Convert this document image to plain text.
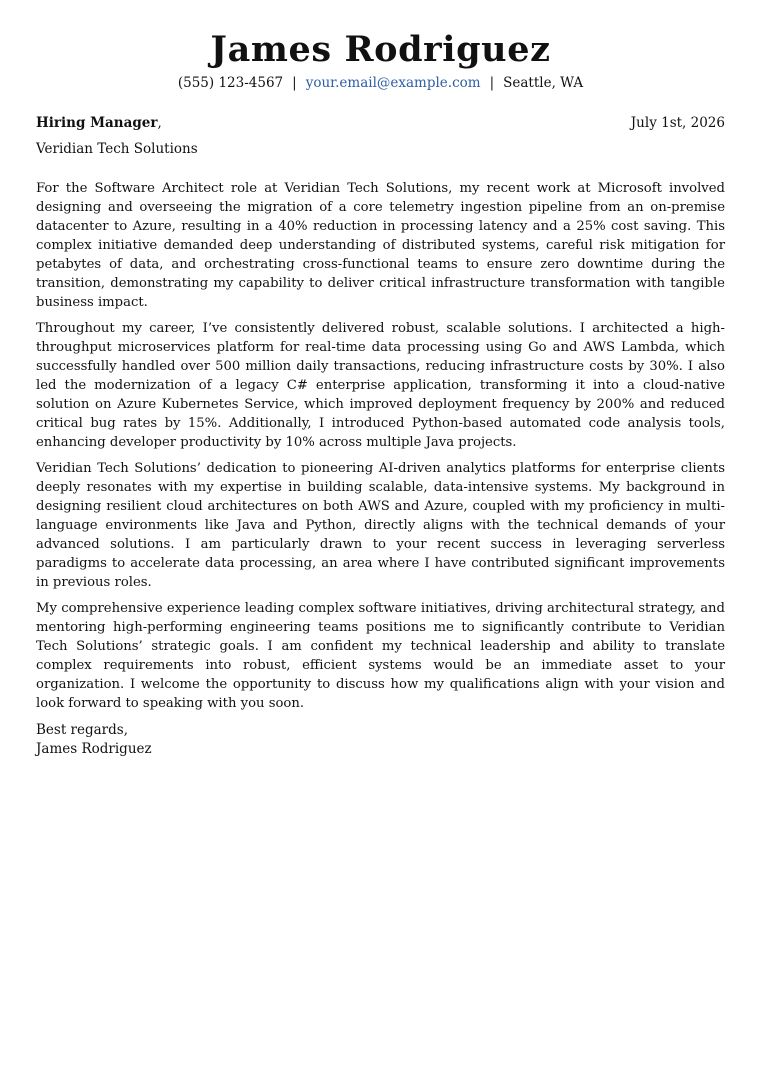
James Rodriguez
(555) 123-4567 | your.email@example.com | Seattle, WA
Hiring Manager,	July 1st, 2026
Veridian Tech Solutions

For the Software Architect role at Veridian Tech Solutions, my recent work at Microsoft involved designing and overseeing the migration of a core telemetry ingestion pipeline from an on-premise datacenter to Azure, resulting in a 40% reduction in processing latency and a 25% cost saving. This complex initiative demanded deep understanding of distributed systems, careful risk mitigation for petabytes of data, and orchestrating cross-functional teams to ensure zero downtime during the transition, demonstrating my capability to deliver critical infrastructure transformation with tangible business impact.

Throughout my career, I’ve consistently delivered robust, scalable solutions. I architected a high-throughput microservices platform for real-time data processing using Go and AWS Lambda, which successfully handled over 500 million daily transactions, reducing infrastructure costs by 30%. I also led the modernization of a legacy C# enterprise application, transforming it into a cloud-native solution on Azure Kubernetes Service, which improved deployment frequency by 200% and reduced critical bug rates by 15%. Additionally, I introduced Python-based automated code analysis tools, enhancing developer productivity by 10% across multiple Java projects.

Veridian Tech Solutions’ dedication to pioneering AI-driven analytics platforms for enterprise clients deeply resonates with my expertise in building scalable, data-intensive systems. My background in designing resilient cloud architectures on both AWS and Azure, coupled with my proficiency in multi-language environments like Java and Python, directly aligns with the technical demands of your advanced solutions. I am particularly drawn to your recent success in leveraging serverless paradigms to accelerate data processing, an area where I have contributed significant improvements in previous roles.

My comprehensive experience leading complex software initiatives, driving architectural strategy, and mentoring high-performing engineering teams positions me to significantly contribute to Veridian Tech Solutions’ strategic goals. I am confident my technical leadership and ability to translate complex requirements into robust, efficient systems would be an immediate asset to your organization. I welcome the opportunity to discuss how my qualifications align with your vision and look forward to speaking with you soon.

Best regards,
James Rodriguez
